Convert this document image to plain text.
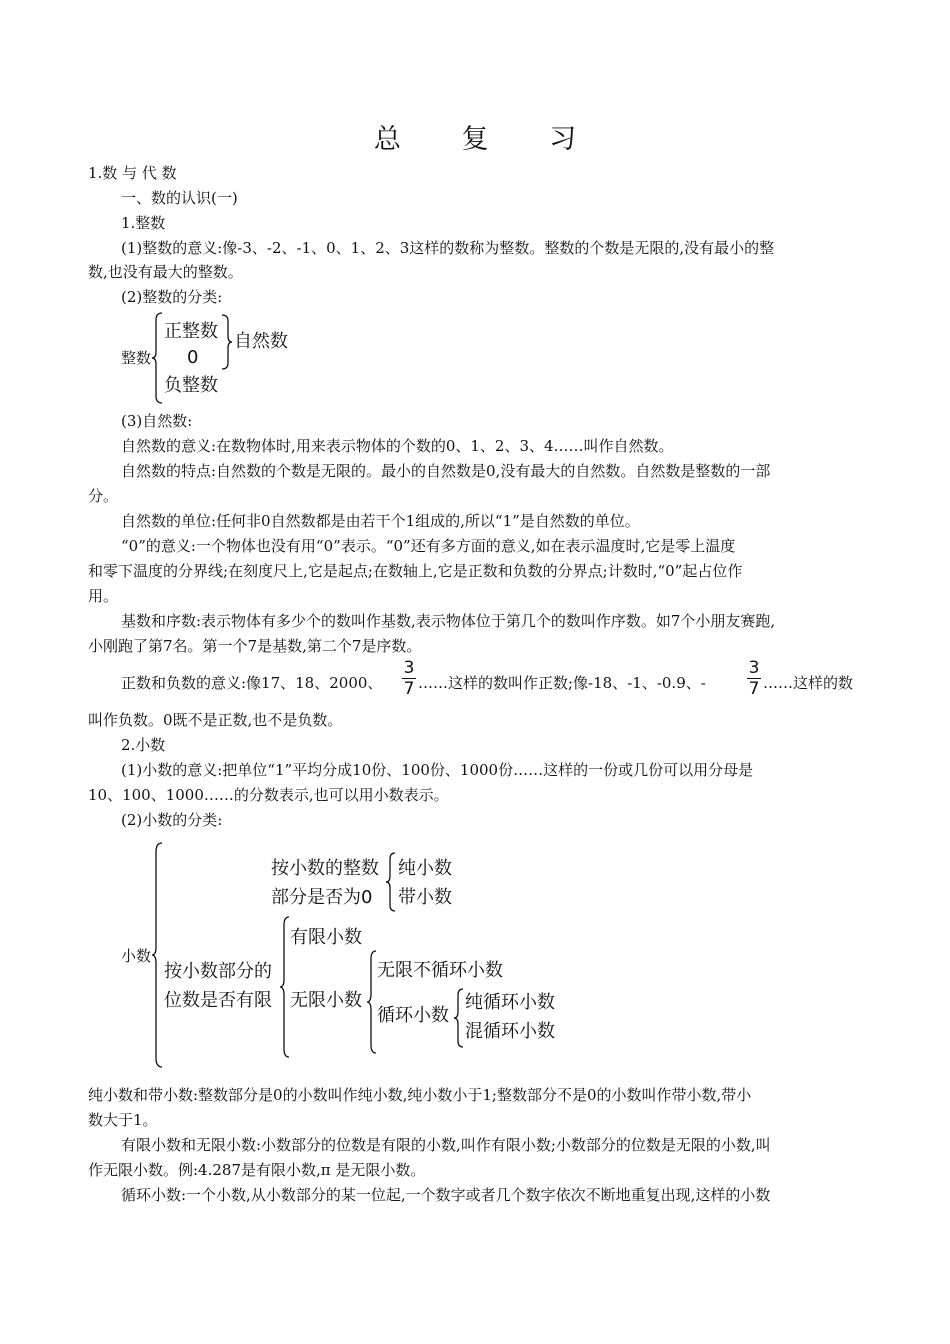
总 复 习
1.数 与 代 数
一、数的认识(一)
1.整数
(1)整数的意义:像-3、-2、-1、0、1、2、3这样的数称为整数。整数的个数是无限的,没有最小的整
数,也没有最大的整数。
(2)整数的分类:
整数
正整数
0
负整数
自然数
(3)自然数:
自然数的意义:在数物体时,用来表示物体的个数的0、1、2、3、4……叫作自然数。
自然数的特点:自然数的个数是无限的。最小的自然数是0,没有最大的自然数。自然数是整数的一部
分。
自然数的单位:任何非0自然数都是由若干个1组成的,所以“1”是自然数的单位。
“0”的意义:一个物体也没有用“0”表示。“0”还有多方面的意义,如在表示温度时,它是零上温度
和零下温度的分界线;在刻度尺上,它是起点;在数轴上,它是正数和负数的分界点;计数时,“0”起占位作
用。
基数和序数:表示物体有多少个的数叫作基数,表示物体位于第几个的数叫作序数。如7个小朋友赛跑,
小刚跑了第7名。第一个7是基数,第二个7是序数。
正数和负数的意义:像17、18、2000、
3
7 ……这样的数叫作正数;像-18、-1、-0.9、-
3
7 ……这样的数
叫作负数。0既不是正数,也不是负数。
2.小数
(1)小数的意义:把单位“1”平均分成10份、100份、1000份……这样的一份或几份可以用分母是
10、100、1000……的分数表示,也可以用小数表示。
(2)小数的分类:
小数
按小数的整数
部分是否为0
纯小数
带小数
按小数部分的
位数是否有限
有限小数
无限小数
无限不循环小数
循环小数
纯循环小数
混循环小数
纯小数和带小数:整数部分是0的小数叫作纯小数,纯小数小于1;整数部分不是0的小数叫作带小数,带小
数大于1。
有限小数和无限小数:小数部分的位数是有限的小数,叫作有限小数;小数部分的位数是无限的小数,叫
作无限小数。例:4.287是有限小数,π 是无限小数。
循环小数:一个小数,从小数部分的某一位起,一个数字或者几个数字依次不断地重复出现,这样的小数
